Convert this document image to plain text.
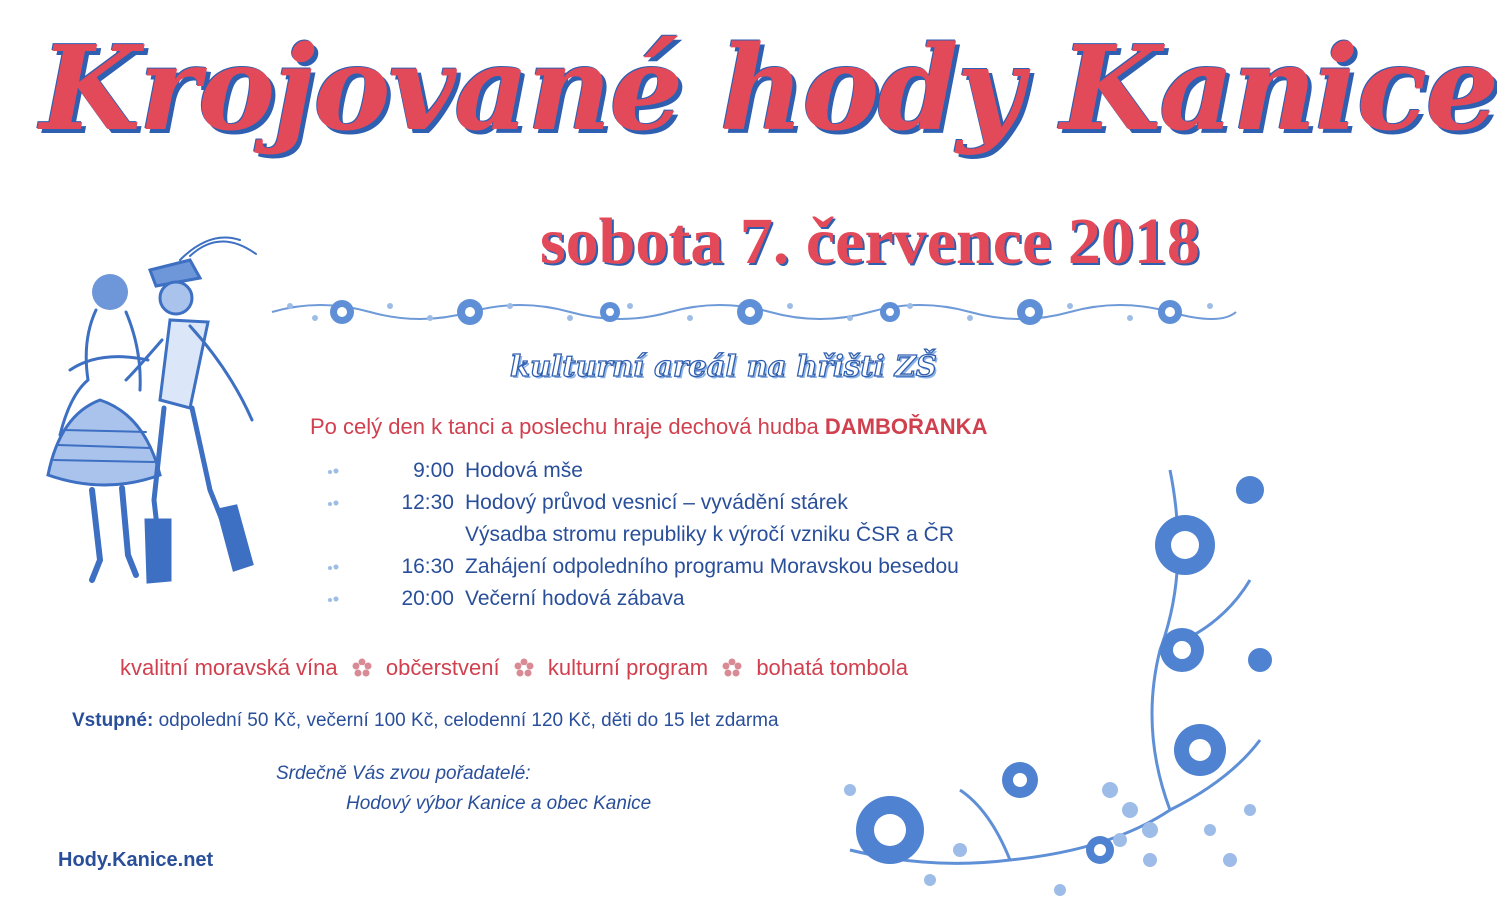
Krojované hody Kanice
sobota 7. července 2018
kulturní areál na hřišti ZŠ
Po celý den k tanci a poslechu hraje dechová hudba DAMBOŘANKA
9:00 Hodová mše
12:30 Hodový průvod vesnicí – vyvádění stárek
Výsadba stromu republiky k výročí vzniku ČSR a ČR
16:30 Zahájení odpoledního programu Moravskou besedou
20:00 Večerní hodová zábava
kvalitní moravská vína občerstvení kulturní program bohatá tombola
Vstupné: odpolední 50 Kč, večerní 100 Kč, celodenní 120 Kč, děti do 15 let zdarma
Srdečně Vás zvou pořadatelé:
Hodový výbor Kanice a obec Kanice
Hody.Kanice.net
